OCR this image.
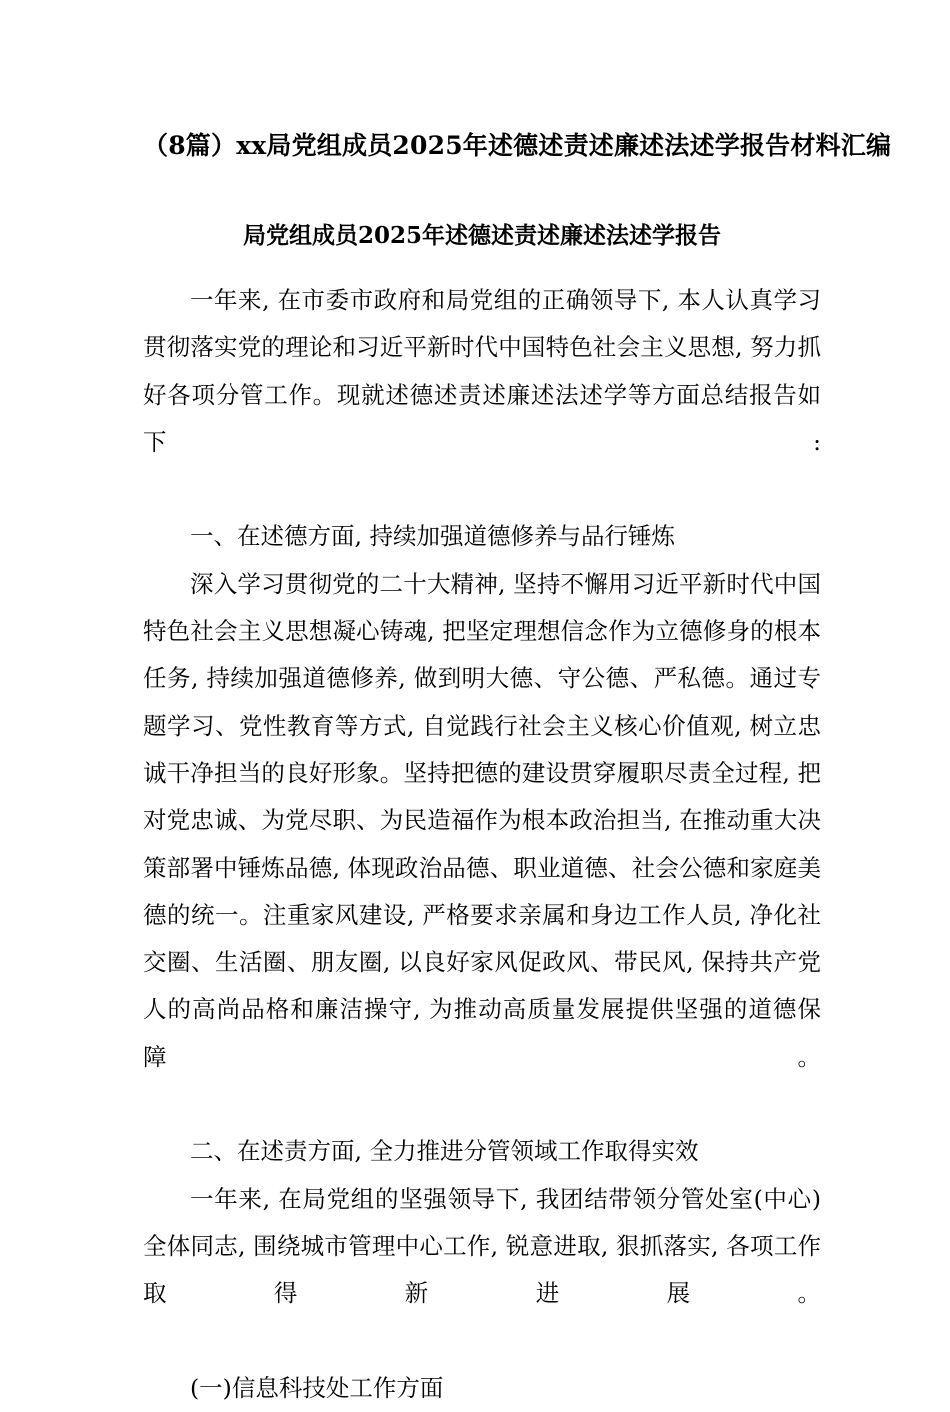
（8篇）xx局党组成员2025年述德述责述廉述法述学报告材料汇编
局党组成员2025年述德述责述廉述法述学报告

一年来, 在市委市政府和局党组的正确领导下, 本人认真学习贯彻落实党的理论和习近平新时代中国特色社会主义思想, 努力抓好各项分管工作。现就述德述责述廉述法述学等方面总结报告如下:

一、在述德方面, 持续加强道德修养与品行锤炼

深入学习贯彻党的二十大精神, 坚持不懈用习近平新时代中国特色社会主义思想凝心铸魂, 把坚定理想信念作为立德修身的根本任务, 持续加强道德修养, 做到明大德、守公德、严私德。通过专题学习、党性教育等方式, 自觉践行社会主义核心价值观, 树立忠诚干净担当的良好形象。坚持把德的建设贯穿履职尽责全过程, 把对党忠诚、为党尽职、为民造福作为根本政治担当, 在推动重大决策部署中锤炼品德, 体现政治品德、职业道德、社会公德和家庭美德的统一。注重家风建设, 严格要求亲属和身边工作人员, 净化社交圈、生活圈、朋友圈, 以良好家风促政风、带民风, 保持共产党人的高尚品格和廉洁操守, 为推动高质量发展提供坚强的道德保障。

二、在述责方面, 全力推进分管领域工作取得实效

一年来, 在局党组的坚强领导下, 我团结带领分管处室(中心)全体同志, 围绕城市管理中心工作, 锐意进取, 狠抓落实, 各项工作取得新进展。

(一)信息科技处工作方面
